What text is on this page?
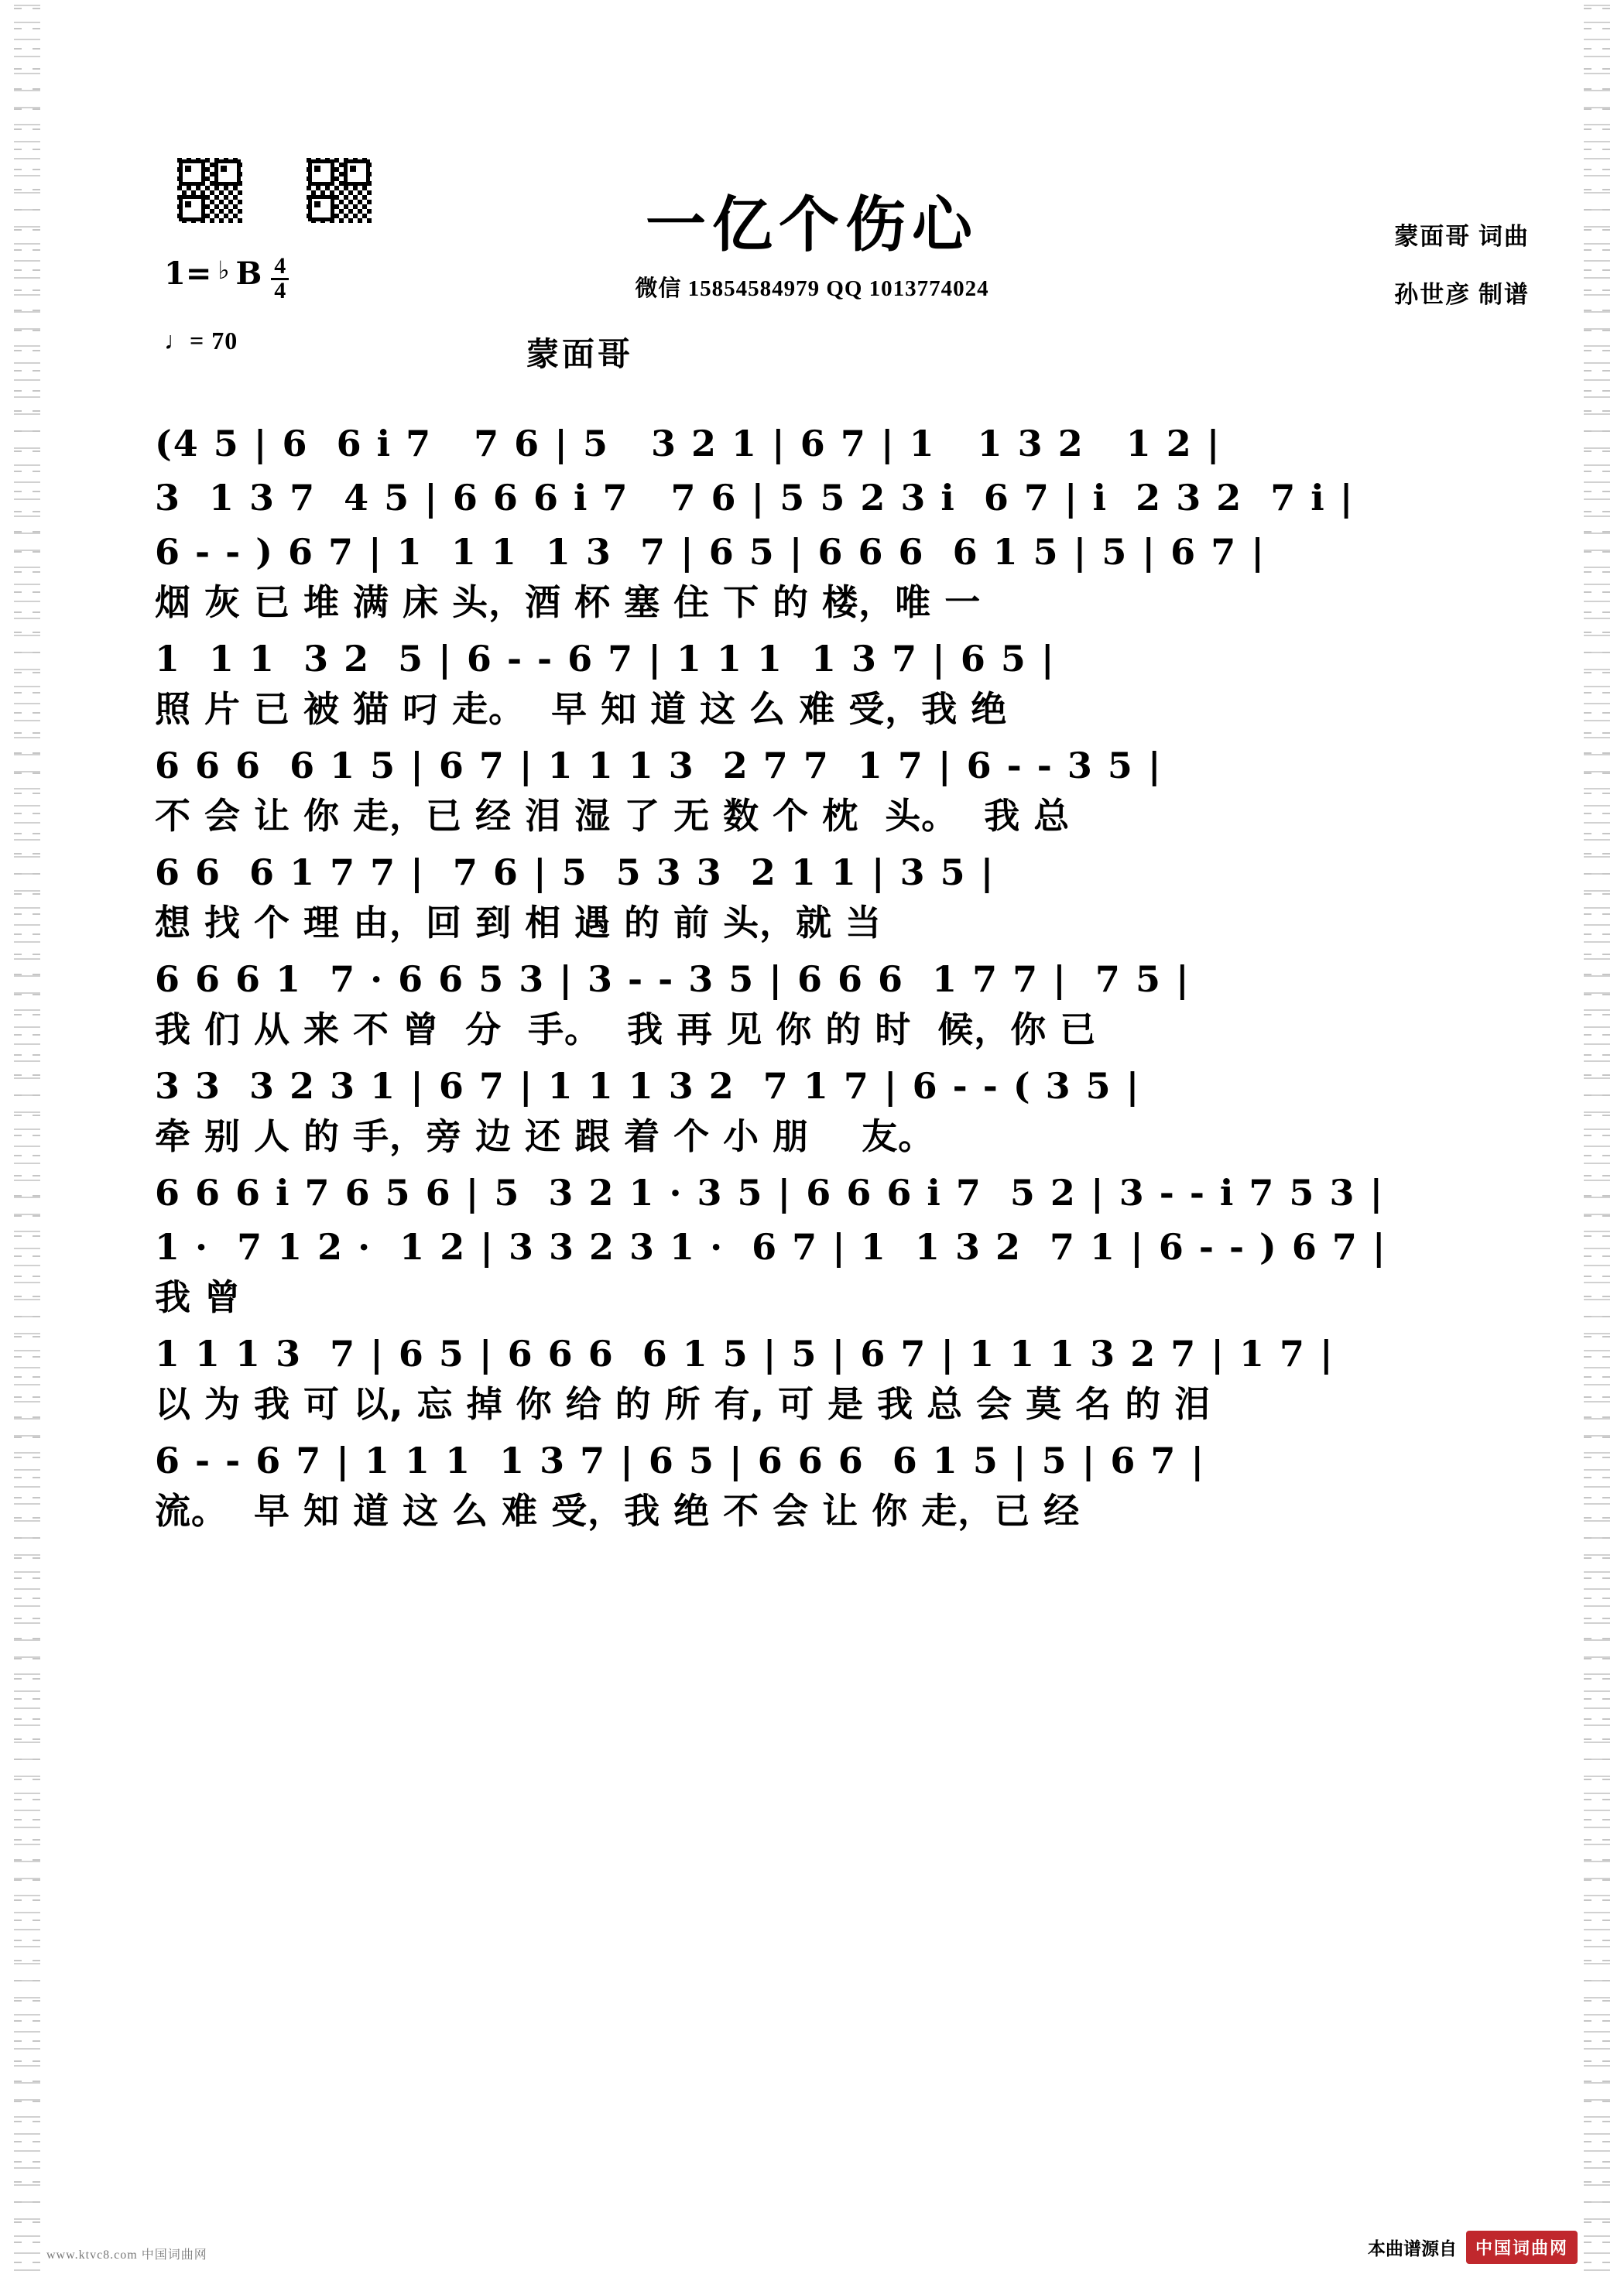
一亿个伤心
微信 15854584979 QQ 1013774024
蒙面哥 词曲
孙世彦 制谱
蒙面哥
1= ♭ B $\frac{4}{4}$
♩= 70
(4 5 | 6  6 i 7   7 6 | 5   3 2 1 | 6 7 | 1   1 3 2   1 2 |
3  1 3 7  4 5 | 6 6 6 i 7   7 6 | 5 5 2 3 i  6 7 | i  2 3 2  7 i |
6 - - ) 6 7 | 1  1 1  1 3  7 | 6 5 | 6 6 6  6 1 5 | 5 | 6 7 |
烟 灰 已 堆 满 床 头，酒 杯 塞 住 下 的 楼，唯 一
1  1 1  3 2  5 | 6 - - 6 7 | 1 1 1  1 3 7 | 6 5 |
照 片 已 被 猫 叼 走。  早 知 道 这 么 难 受，我 绝
6 6 6  6 1 5 | 6 7 | 1 1 1 3  2 7 7  1 7 | 6 - - 3 5 |
不 会 让 你 走，已 经 泪 湿 了 无 数 个 枕  头。  我 总
6 6  6 1 7 7 |  7 6 | 5  5 3 3  2 1 1 | 3 5 |
想 找 个 理 由，回 到 相 遇 的 前 头，就 当
6 6 6 1  7 · 6 6 5 3 | 3 - - 3 5 | 6 6 6  1 7 7 |  7 5 |
我 们 从 来 不 曾  分  手。  我 再 见 你 的 时  候，你 已
3 3  3 2 3 1 | 6 7 | 1 1 1 3 2  7 1 7 | 6 - - ( 3 5 |
牵 别 人 的 手，旁 边 还 跟 着 个 小 朋    友。
6 6 6 i 7 6 5 6 | 5  3 2 1 · 3 5 | 6 6 6 i 7  5 2 | 3 - - i 7 5 3 |
1 ·  7 1 2 ·  1 2 | 3 3 2 3 1 ·  6 7 | 1  1 3 2  7 1 | 6 - - ) 6 7 |
我 曾
1 1 1 3  7 | 6 5 | 6 6 6  6 1 5 | 5 | 6 7 | 1 1 1 3 2 7 | 1 7 |
以 为 我 可 以, 忘 掉 你 给 的 所 有, 可 是 我 总 会 莫 名 的 泪
6 - - 6 7 | 1 1 1  1 3 7 | 6 5 | 6 6 6  6 1 5 | 5 | 6 7 |
流。  早 知 道 这 么 难 受，我 绝 不 会 让 你 走，已 经
www.ktvc8.com 中国词曲网	本曲谱源自	中国词曲网
